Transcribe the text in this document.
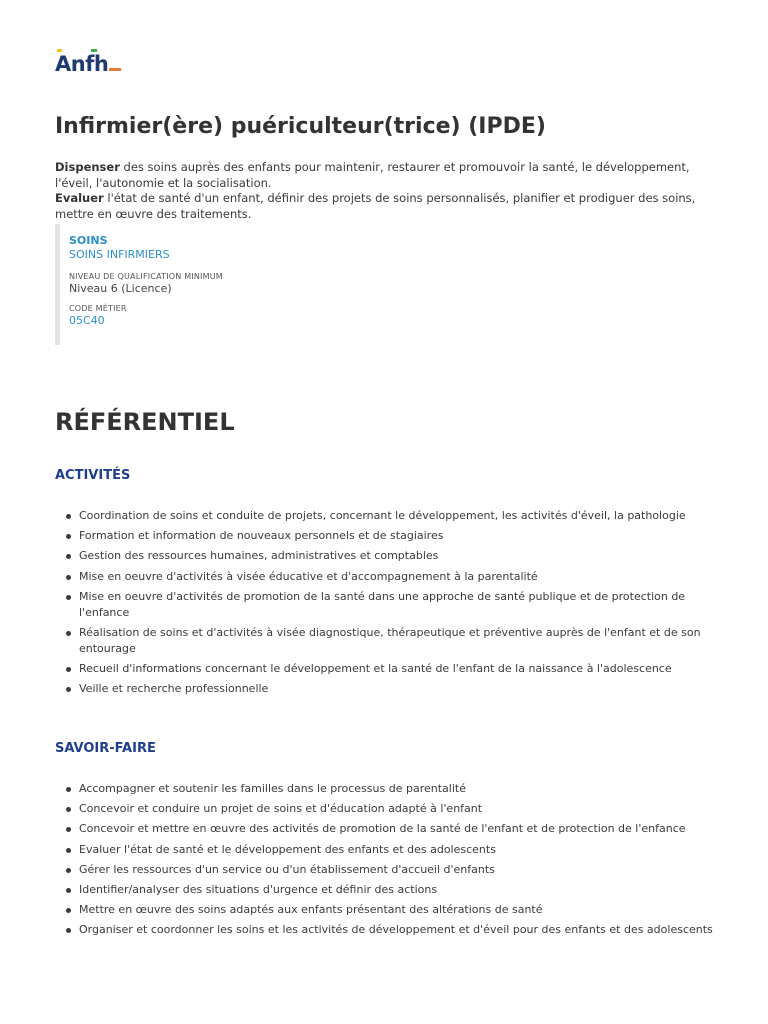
Anfh
Infirmier(ère) puériculteur(trice) (IPDE)

Dispenser des soins auprès des enfants pour maintenir, restaurer et promouvoir la santé, le développement, l'éveil, l'autonomie et la socialisation.

Evaluer l'état de santé d'un enfant, définir des projets de soins personnalisés, planifier et prodiguer des soins, mettre en œuvre des traitements.

SOINS
SOINS INFIRMIERS
NIVEAU DE QUALIFICATION MINIMUM
Niveau 6 (Licence)
CODE MÉTIER
05C40
RÉFÉRENTIEL
ACTIVITÉS
Coordination de soins et conduite de projets, concernant le développement, les activités d'éveil, la pathologie
Formation et information de nouveaux personnels et de stagiaires
Gestion des ressources humaines, administratives et comptables
Mise en oeuvre d'activités à visée éducative et d'accompagnement à la parentalité
Mise en oeuvre d'activités de promotion de la santé dans une approche de santé publique et de protection de l'enfance
Réalisation de soins et d'activités à visée diagnostique, thérapeutique et préventive auprès de l'enfant et de son entourage
Recueil d'informations concernant le développement et la santé de l'enfant de la naissance à l'adolescence
Veille et recherche professionnelle
SAVOIR-FAIRE
Accompagner et soutenir les familles dans le processus de parentalité
Concevoir et conduire un projet de soins et d'éducation adapté à l'enfant
Concevoir et mettre en œuvre des activités de promotion de la santé de l'enfant et de protection de l'enfance
Evaluer l'état de santé et le développement des enfants et des adolescents
Gérer les ressources d'un service ou d'un établissement d'accueil d'enfants
Identifier/analyser des situations d'urgence et définir des actions
Mettre en œuvre des soins adaptés aux enfants présentant des altérations de santé
Organiser et coordonner les soins et les activités de développement et d'éveil pour des enfants et des adolescents
